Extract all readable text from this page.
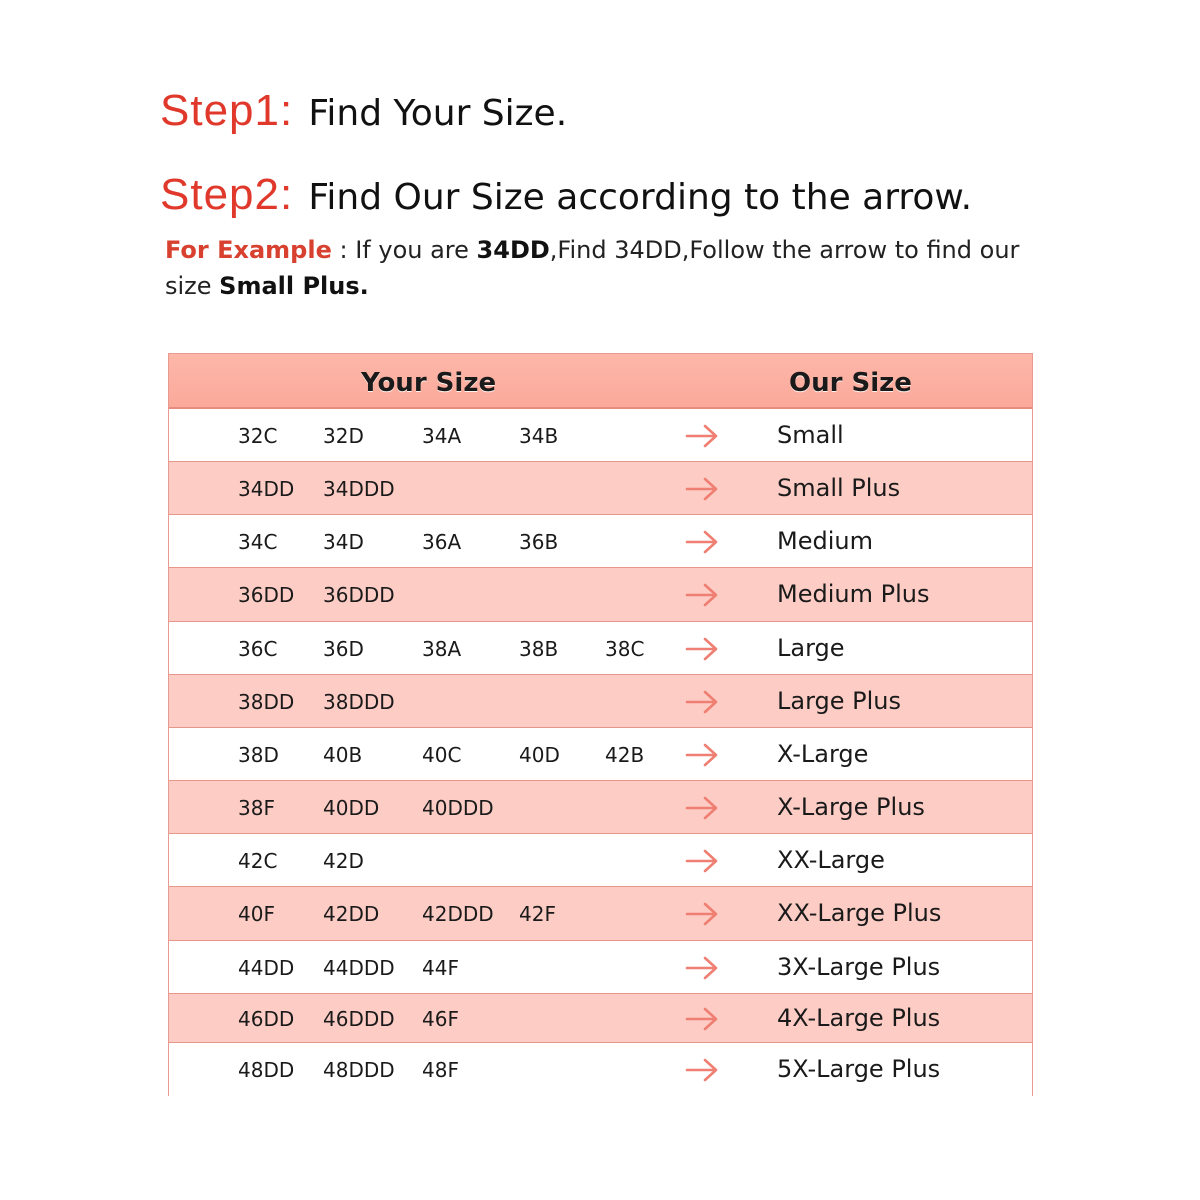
Step1: Find Your Size.
Step2: Find Our Size according to the arrow.
For Example : If you are 34DD,Find 34DD,Follow the arrow to find our size Small Plus.
Your Size	Our Size
32C 32D	34A	34B	Small
34DD 34DDD	Small Plus
34C 34D	36A	36B	Medium
36DD 36DDD	Medium Plus
36C 36D	38A	38B 38C	Large
38DD 38DDD	Large Plus
38D 40B	40C	40D 42B	X-Large
38F 40DD 40DDD	X-Large Plus
42C 42D	XX-Large
40F 42DD 42DDD 42F	XX-Large Plus
44DD 44DDD 44F	3X-Large Plus
46DD 46DDD 46F	4X-Large Plus
48DD 48DDD 48F	5X-Large Plus
